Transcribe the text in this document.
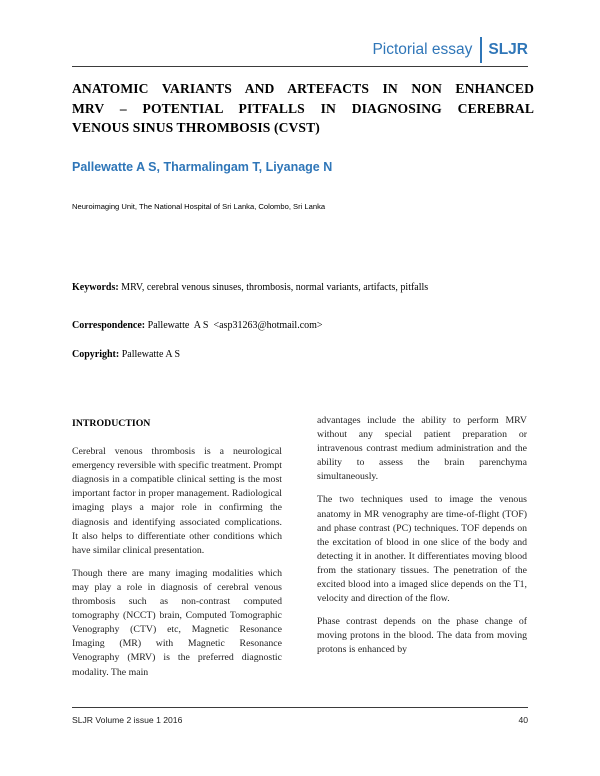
Pictorial essay	SLJR
ANATOMIC VARIANTS AND ARTEFACTS IN NON ENHANCED
MRV – POTENTIAL PITFALLS IN DIAGNOSING CEREBRAL
VENOUS SINUS THROMBOSIS (CVST)
Pallewatte A S, Tharmalingam T, Liyanage N
Neuroimaging Unit, The National Hospital of Sri Lanka, Colombo, Sri Lanka
Keywords: MRV, cerebral venous sinuses, thrombosis, normal variants, artifacts, pitfalls
Correspondence: Pallewatte  A S  <asp31263@hotmail.com>
Copyright: Pallewatte A S
INTRODUCTION

Cerebral venous thrombosis is a neurological emergency reversible with specific treatment. Prompt diagnosis in a compatible clinical setting is the most important factor in proper management. Radiological imaging plays a major role in confirming the diagnosis and identifying associated complications. It also helps to differentiate other conditions which have similar clinical presentation.

Though there are many imaging modalities which may play a role in diagnosis of cerebral venous thrombosis such as non-contrast computed tomography (NCCT) brain, Computed Tomographic Venography (CTV) etc, Magnetic Resonance Imaging (MR) with Magnetic Resonance Venography (MRV) is the preferred diagnostic modality. The main

advantages include the ability to perform MRV without any special patient preparation or intravenous contrast medium administration and the ability to assess the brain parenchyma simultaneously.

The two techniques used to image the venous anatomy in MR venography are time-of-flight (TOF) and phase contrast (PC) techniques. TOF depends on the excitation of blood in one slice of the body and detecting it in another. It differentiates moving blood from the stationary tissues. The penetration of the excited blood into a imaged slice depends on the T1, velocity and direction of the flow.

Phase contrast depends on the phase change of moving protons in the blood. The data from moving protons is enhanced by

SLJR Volume 2 issue 1 2016	40
